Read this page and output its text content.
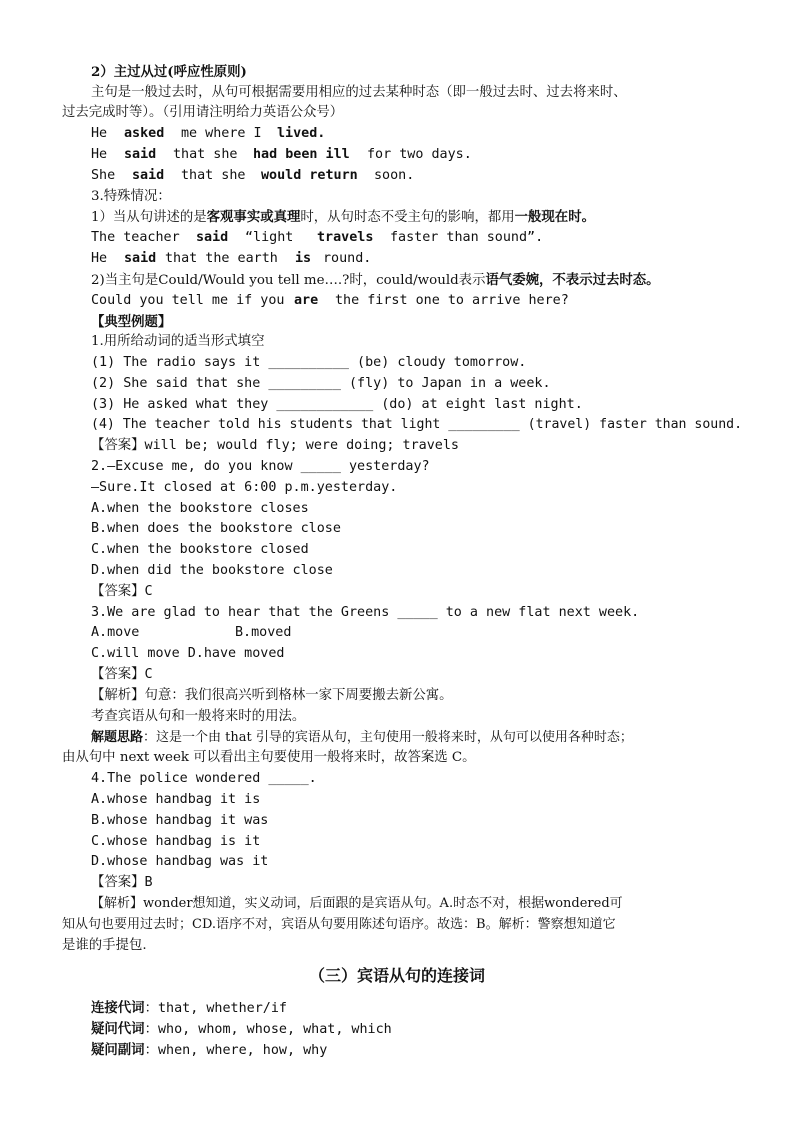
2）主过从过(呼应性原则)
主句是一般过去时，从句可根据需要用相应的过去某种时态（即一般过去时、过去将来时、
过去完成时等）。（引用请注明给力英语公众号）
He asked me where I lived.
He said that she had been ill for two days.
She said that she would return soon.
3.特殊情况：
1）当从句讲述的是客观事实或真理时，从句时态不受主句的影响，都用一般现在时。
The teacher said “light travels faster than sound”.
He said that the earth is round.
2)当主句是Could/Would you tell me….?时，could/would表示语气委婉，不表示过去时态。
Could you tell me if you are the first one to arrive here?
【典型例题】
1.用所给动词的适当形式填空
(1) The radio says it __________ (be) cloudy tomorrow.
(2) She said that she _________ (fly) to Japan in a week.
(3) He asked what they ____________ (do) at eight last night.
(4) The teacher told his students that light _________ (travel) faster than sound.
【答案】will be; would fly; were doing; travels
2.—Excuse me, do you know _____ yesterday?
—Sure.It closed at 6:00 p.m.yesterday.
A.when the bookstore closes
B.when does the bookstore close
C.when the bookstore closed
D.when did the bookstore close
【答案】C
3.We are glad to hear that the Greens _____ to a new flat next week.
A.move	B.moved
C.will move D.have moved
【答案】C
【解析】句意：我们很高兴听到格林一家下周要搬去新公寓。
考查宾语从句和一般将来时的用法。
解题思路：这是一个由 that 引导的宾语从句，主句使用一般将来时，从句可以使用各种时态；
由从句中 next week 可以看出主句要使用一般将来时，故答案选 C。
4.The police wondered _____.
A.whose handbag it is
B.whose handbag it was
C.whose handbag is it
D.whose handbag was it
【答案】B
【解析】wonder想知道，实义动词，后面跟的是宾语从句。A.时态不对，根据wondered可
知从句也要用过去时；CD.语序不对，宾语从句要用陈述句语序。故选：B。解析：警察想知道它
是谁的手提包.
（三）宾语从句的连接词
连接代词：that, whether/if
疑问代词：who, whom, whose, what, which
疑问副词：when, where, how, why
